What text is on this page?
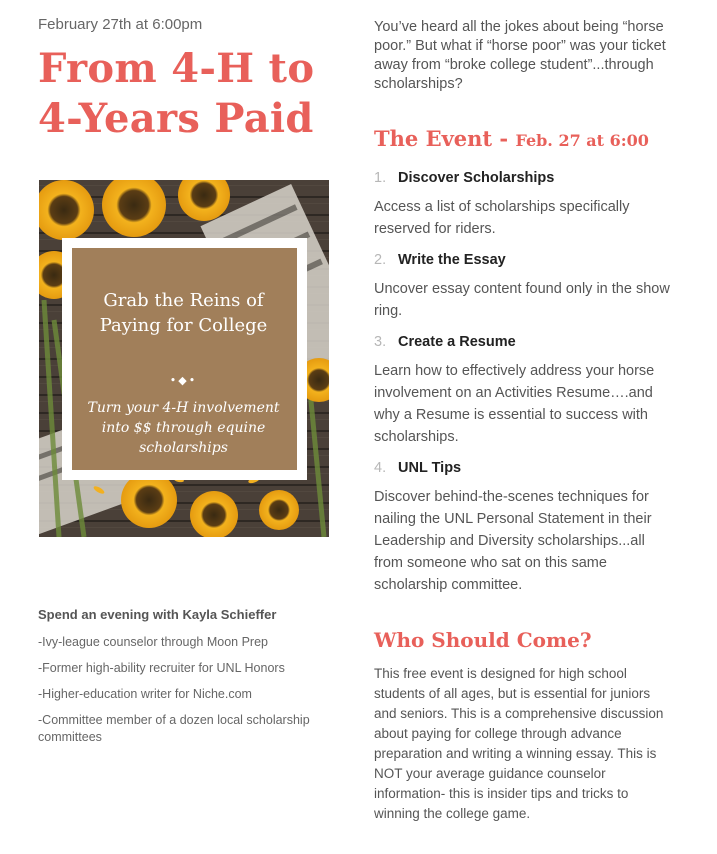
February 27th at 6:00pm
From 4-H to
4-Years Paid
Grab the Reins of
Paying for College
•◆•
Turn your 4-H involvement
into $$ through equine
scholarships
Spend an evening with Kayla Schieffer
-Ivy-league counselor through Moon Prep
-Former high-ability recruiter for UNL Honors
-Higher-education writer for Niche.com
-Committee member of a dozen local scholarship committees
You’ve heard all the jokes about being “horse poor.” But what if “horse poor” was your ticket away from “broke college student”...through scholarships?
The Event - Feb. 27 at 6:00
1. Discover Scholarships
Access a list of scholarships specifically reserved for riders.
2. Write the Essay
Uncover essay content found only in the show ring.
3. Create a Resume
Learn how to effectively address your horse involvement on an Activities Resume….and why a Resume is essential to success with scholarships.
4. UNL Tips
Discover behind-the-scenes techniques for nailing the UNL Personal Statement in their Leadership and Diversity scholarships...all from someone who sat on this same scholarship committee.
Who Should Come?
This free event is designed for high school students of all ages, but is essential for juniors and seniors. This is a comprehensive discussion about paying for college through advance preparation and writing a winning essay. This is NOT your average guidance counselor information- this is insider tips and tricks to winning the college game.
